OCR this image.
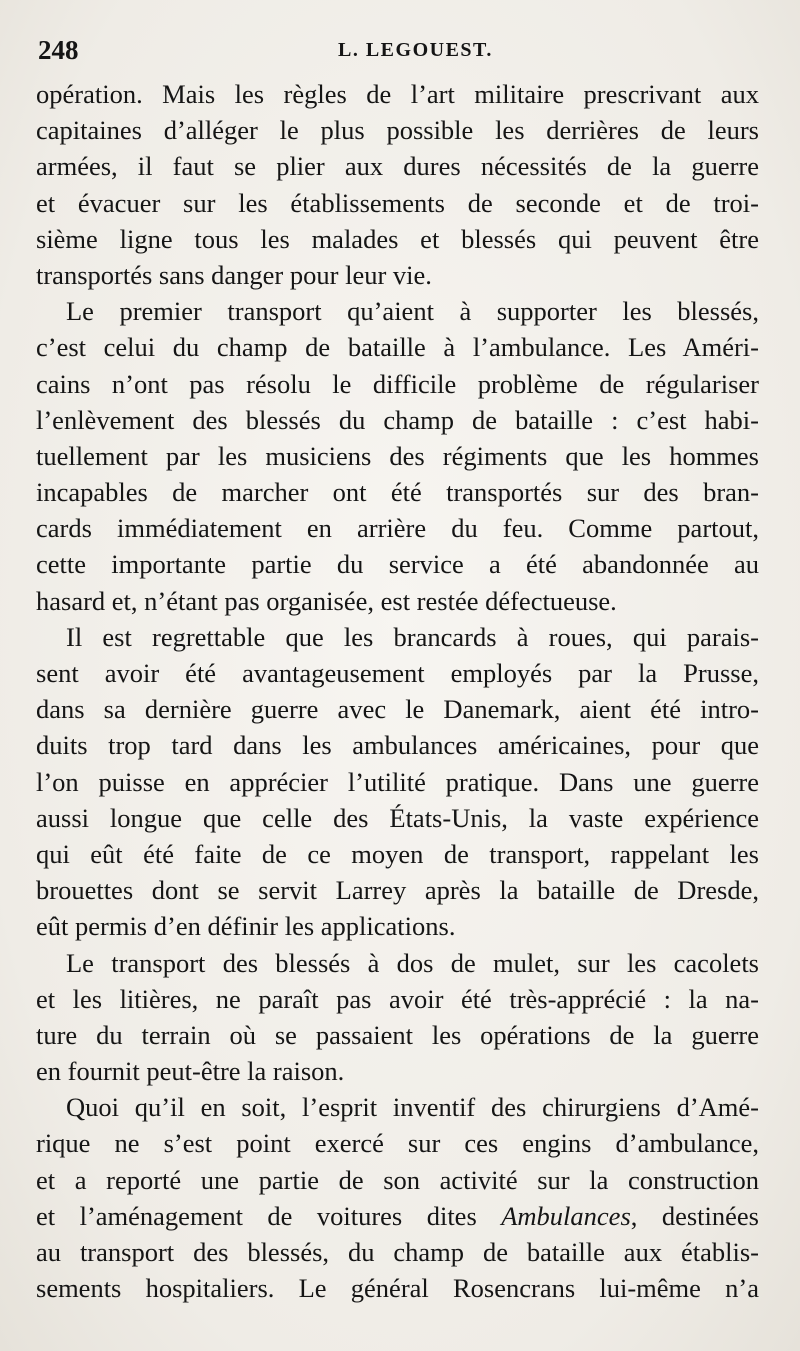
248	L. LEGOUEST.
opération. Mais les règles de l’art militaire prescrivant aux
capitaines d’alléger le plus possible les derrières de leurs
armées, il faut se plier aux dures nécessités de la guerre
et évacuer sur les établissements de seconde et de troi-
sième ligne tous les malades et blessés qui peuvent être
transportés sans danger pour leur vie.
Le premier transport qu’aient à supporter les blessés,
c’est celui du champ de bataille à l’ambulance. Les Améri-
cains n’ont pas résolu le difficile problème de régulariser
l’enlèvement des blessés du champ de bataille : c’est habi-
tuellement par les musiciens des régiments que les hommes
incapables de marcher ont été transportés sur des bran-
cards immédiatement en arrière du feu. Comme partout,
cette importante partie du service a été abandonnée au
hasard et, n’étant pas organisée, est restée défectueuse.
Il est regrettable que les brancards à roues, qui parais-
sent avoir été avantageusement employés par la Prusse,
dans sa dernière guerre avec le Danemark, aient été intro-
duits trop tard dans les ambulances américaines, pour que
l’on puisse en apprécier l’utilité pratique. Dans une guerre
aussi longue que celle des États-Unis, la vaste expérience
qui eût été faite de ce moyen de transport, rappelant les
brouettes dont se servit Larrey après la bataille de Dresde,
eût permis d’en définir les applications.
Le transport des blessés à dos de mulet, sur les cacolets
et les litières, ne paraît pas avoir été très-apprécié : la na-
ture du terrain où se passaient les opérations de la guerre
en fournit peut-être la raison.
Quoi qu’il en soit, l’esprit inventif des chirurgiens d’Amé-
rique ne s’est point exercé sur ces engins d’ambulance,
et a reporté une partie de son activité sur la construction
et l’aménagement de voitures dites Ambulances, destinées
au transport des blessés, du champ de bataille aux établis-
sements hospitaliers. Le général Rosencrans lui-même n’a
